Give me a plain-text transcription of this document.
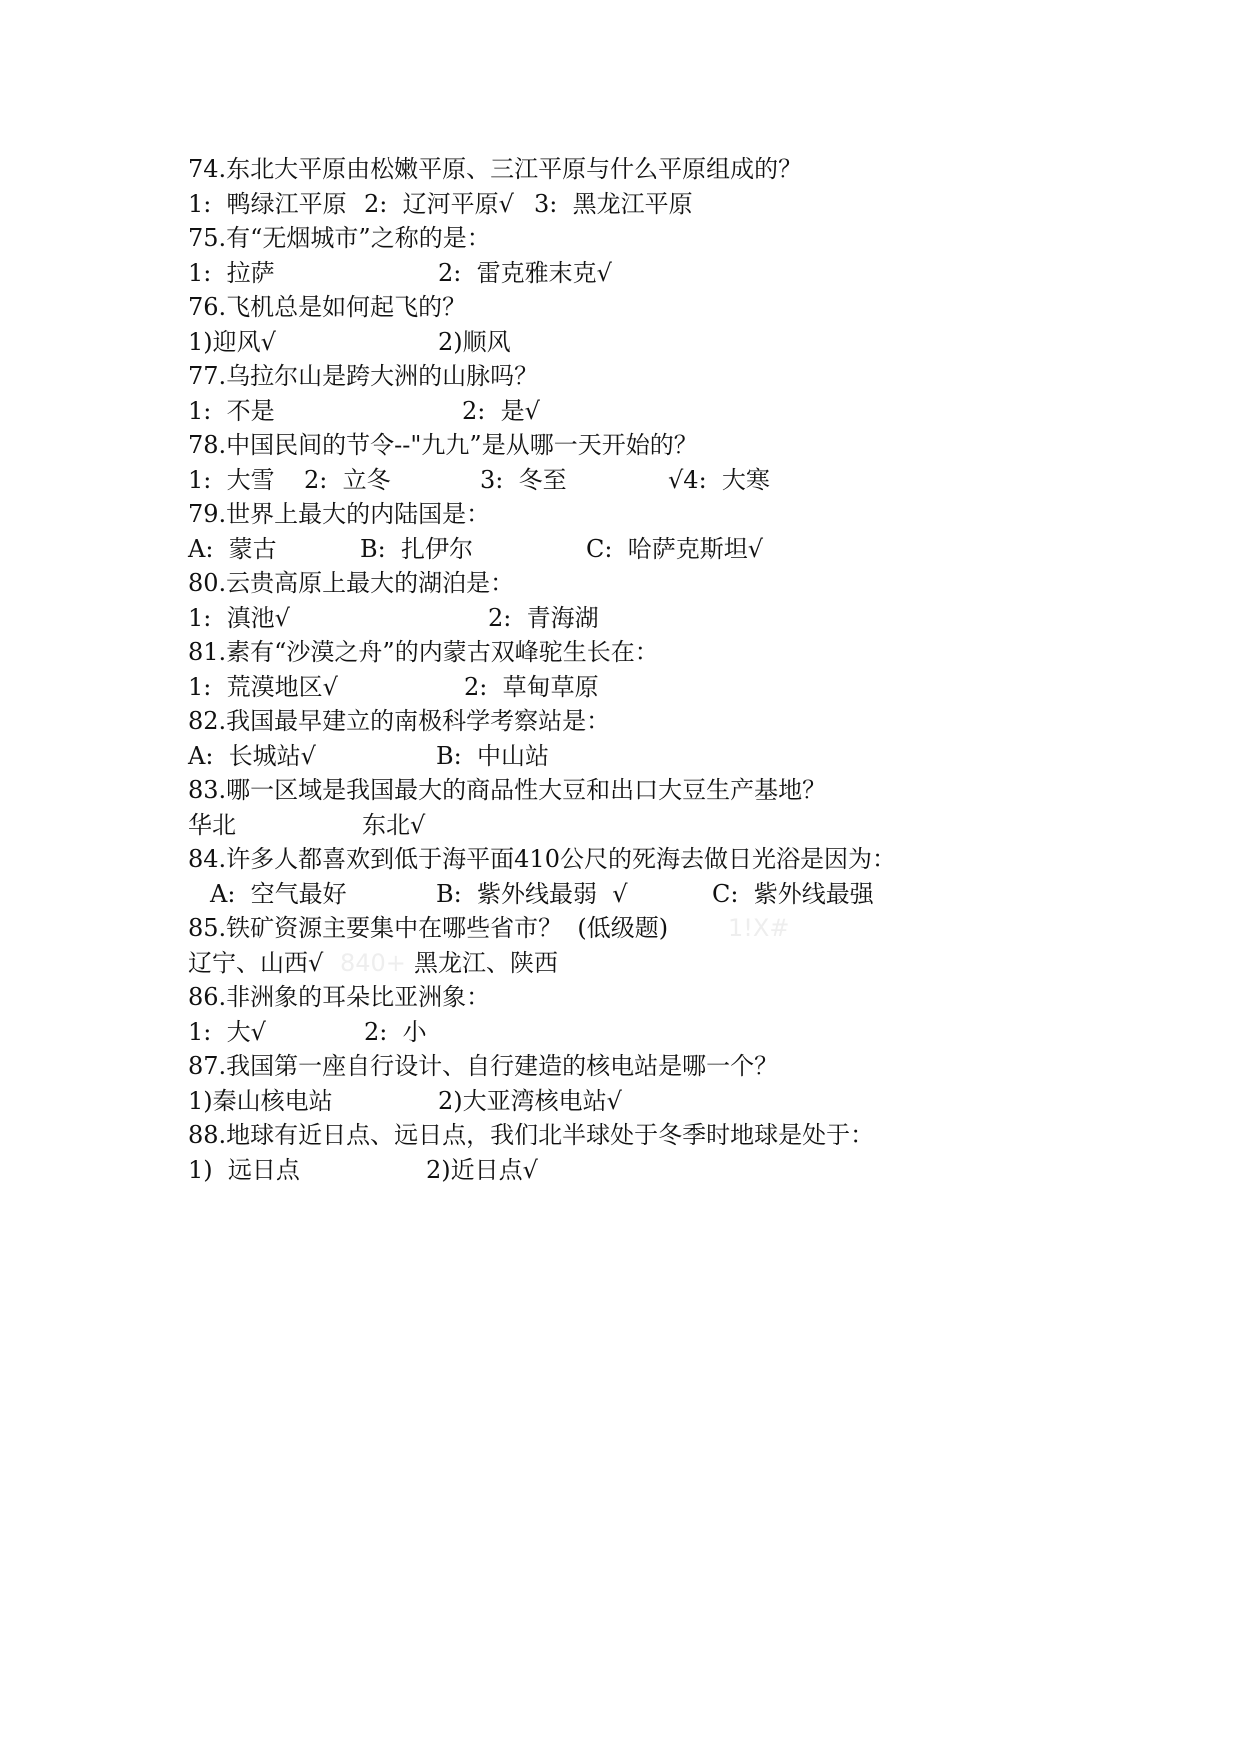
74.东北大平原由松嫩平原、三江平原与什么平原组成的？
1:  鸭绿江平原 2:  辽河平原√ 3:  黑龙江平原
75.有“无烟城市”之称的是：
1:  拉萨	2:  雷克雅末克√
76.飞机总是如何起飞的？
1)迎风√	2)顺风
77.乌拉尔山是跨大洲的山脉吗？
1:  不是	2:  是√
78.中国民间的节令--"九九”是从哪一天开始的？
1:  大雪 2:  立冬	3:  冬至	√4:  大寒
79.世界上最大的内陆国是：
A:  蒙古	B:  扎伊尔	C:  哈萨克斯坦√
80.云贵高原上最大的湖泊是：
1:  滇池√	2:  青海湖
81.素有“沙漠之舟”的内蒙古双峰驼生长在：
1:  荒漠地区√	2:  草甸草原
82.我国最早建立的南极科学考察站是：
A:  长城站√	B:  中山站
83.哪一区域是我国最大的商品性大豆和出口大豆生产基地？
华北	东北√
84.许多人都喜欢到低于海平面410公尺的死海去做日光浴是因为：
A:  空气最好	B:  紫外线最弱  √	C:  紫外线最强
85.铁矿资源主要集中在哪些省市？  (低级题) 1!X#
辽宁、山西√	黑龙江、陕西
840+
86.非洲象的耳朵比亚洲象：
1:  大√	2:  小
87.我国第一座自行设计、自行建造的核电站是哪一个？
1)秦山核电站	2)大亚湾核电站√
88.地球有近日点、远日点，我们北半球处于冬季时地球是处于：
1)  远日点	2)近日点√
